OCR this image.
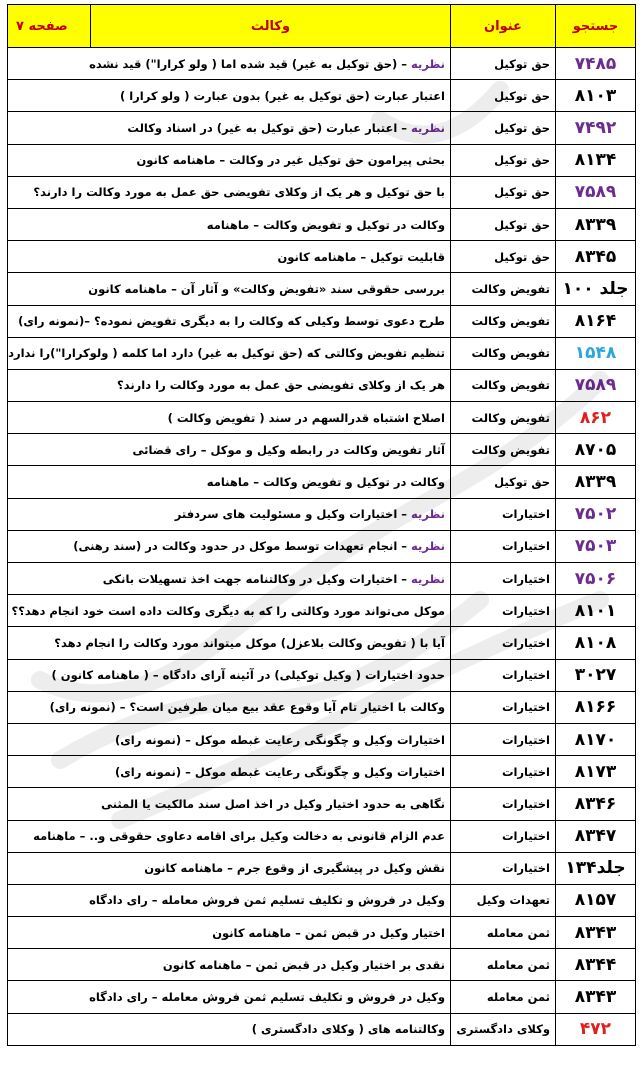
جستجو	عنوان	وکالت	صفحه ۷
۷۴۸۵	حق توکیل	نظریه – (حق توکیل به غیر) قید شده اما ( ولو کرارا") قید نشده	
۸۱۰۳	حق توکیل	اعتبار عبارت (حق توکیل به غیر) بدون عبارت ( ولو کرارا )	
۷۴۹۲	حق توکیل	نظریه – اعتبار عبارت (حق توکیل به غیر) در اسناد وکالت	
۸۱۳۴	حق توکیل	بحثی پیرامون حق توکیل غیر در وکالت – ماهنامه کانون	
۷۵۸۹	حق توکیل	با حق توکیل و هر یک از وکلای تفویضی حق عمل به مورد وکالت را دارند؟	
۸۳۳۹	حق توکیل	وکالت در توکیل و تفویض وکالت – ماهنامه	
۸۳۴۵	حق توکیل	قابلیت توکیل – ماهنامه کانون	
جلد ۱۰۰	تفویض وکالت	بررسی حقوقی سند «تفویض وکالت» و آثار آن – ماهنامه کانون	
۸۱۶۴	تفویض وکالت	طرح دعوی توسط وکیلی که وکالت را به دیگری تفویض نموده؟ –(نمونه رای)	
۱۵۴۸	تفویض وکالت	تنظیم تفویض وکالتی که (حق توکیل به غیر) دارد اما کلمه ( ولوکرارا")را ندارد	
۷۵۸۹	تفویض وکالت	هر یک از وکلای تفویضی حق عمل به مورد وکالت را دارند؟	
۸۶۲	تفویض وکالت	اصلاح اشتباه قدرالسهم در سند ( تفویض وکالت )	
۸۷۰۵	تفویض وکالت	آثار تفویض وکالت در رابطه وکیل و موکل – رای قضائی	
۸۳۳۹	حق توکیل	وکالت در توکیل و تفویض وکالت – ماهنامه	
۷۵۰۲	اختیارات	نظریه – اختیارات وکیل و مسئولیت های سردفتر	
۷۵۰۳	اختیارات	نظریه – انجام تعهدات توسط موکل در حدود وکالت در (سند رهنی)	
۷۵۰۶	اختیارات	نظریه – اختیارات وکیل در وکالتنامه جهت اخذ تسهیلات بانکی	
۸۱۰۱	اختیارات	موکل می‌تواند مورد وکالتی را که به دیگری وکالت داده است خود انجام دهد؟؟	
۸۱۰۸	اختیارات	آیا با ( تفویض وکالت بلاعزل) موکل میتواند مورد وکالت را انجام دهد؟	
۳۰۲۷	اختیارات	حدود اختیارات ( وکیل توکیلی) در آئینه آرای دادگاه – ( ماهنامه کانون )	
۸۱۶۶	اختیارات	وکالت با اختیار تام آیا وقوع عقد بیع میان طرفین است؟ – (نمونه رای)	
۸۱۷۰	اختیارات	اختیارات وکیل و چگونگی رعایت غبطه موکل – (نمونه رای)	
۸۱۷۳	اختیارات	اختیارات وکیل و چگونگی رعایت غبطه موکل – (نمونه رای)	
۸۳۴۶	اختیارات	نگاهی به حدود اختیار وکیل در اخذ اصل سند مالکیت یا المثنی	
۸۳۴۷	اختیارات	عدم الزام قانونی به دخالت وکیل برای اقامه دعاوی حقوقی و.. – ماهنامه	
جلد۱۳۴	اختیارات	نقش وکیل در پیشگیری از وقوع جرم – ماهنامه کانون	
۸۱۵۷	تعهدات وکیل	وکیل در فروش و تکلیف تسلیم ثمن فروش معامله – رای دادگاه	
۸۳۴۳	ثمن معامله	اختیار وکیل در قبض ثمن – ماهنامه کانون	
۸۳۴۴	ثمن معامله	نقدی بر اختیار وکیل در قبض ثمن – ماهنامه کانون	
۸۳۴۳	ثمن معامله	وکیل در فروش و تکلیف تسلیم ثمن فروش معامله – رای دادگاه	
۴۷۲	وکلای دادگستری	وکالتنامه های ( وکلای دادگستری )	
